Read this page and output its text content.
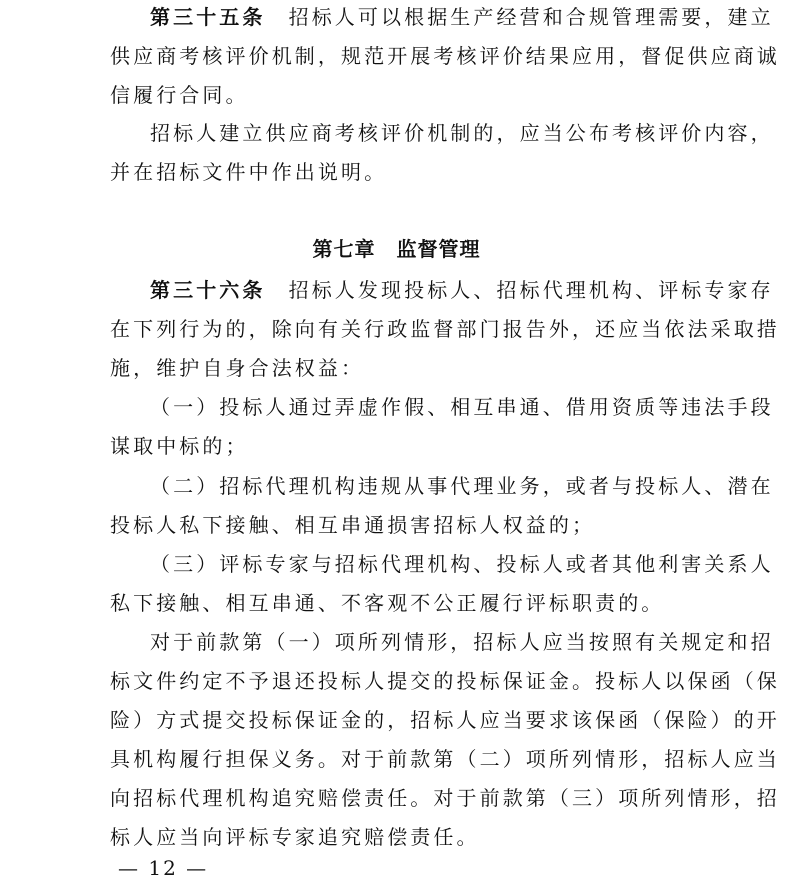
第三十五条　 招标人可以根据生产经营和合规管理需要，建立
供应商考核评价机制，规范开展考核评价结果应用，督促供应商诚
信履行合同。
招标人建立供应商考核评价机制的，应当公布考核评价内容，
并在招标文件中作出说明。
第七章　监督管理
第三十六条　 招标人发现投标人、招标代理机构、评标专家存
在下列行为的，除向有关行政监督部门报告外，还应当依法采取措
施，维护自身合法权益：
（一）投标人通过弄虚作假、相互串通、借用资质等违法手段
谋取中标的；
（二）招标代理机构违规从事代理业务，或者与投标人、潜在
投标人私下接触、相互串通损害招标人权益的；
（三）评标专家与招标代理机构、投标人或者其他利害关系人
私下接触、相互串通、不客观不公正履行评标职责的。
对于前款第（一）项所列情形，招标人应当按照有关规定和招
标文件约定不予退还投标人提交的投标保证金。投标人以保函（保
险）方式提交投标保证金的，招标人应当要求该保函（保险）的开
具机构履行担保义务。对于前款第（二）项所列情形，招标人应当
向招标代理机构追究赔偿责任。对于前款第（三）项所列情形，招
标人应当向评标专家追究赔偿责任。
— 12 —
